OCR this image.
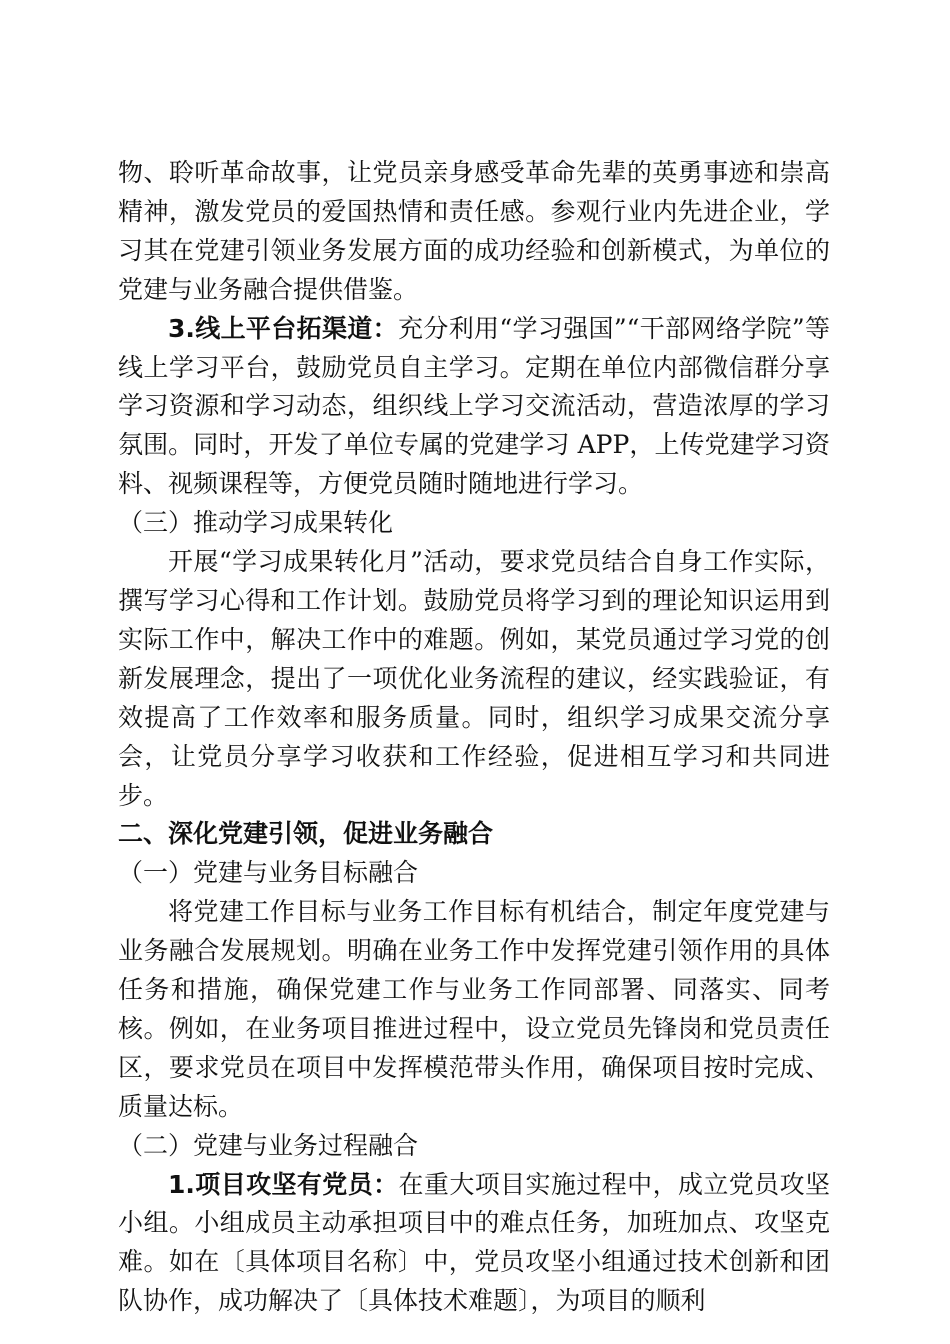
物、聆听革命故事，让党员亲身感受革命先辈的英勇事迹和崇高精神，激发党员的爱国热情和责任感。参观行业内先进企业，学习其在党建引领业务发展方面的成功经验和创新模式，为单位的党建与业务融合提供借鉴。

3.线上平台拓渠道：充分利用“学习强国”“干部网络学院”等线上学习平台，鼓励党员自主学习。定期在单位内部微信群分享学习资源和学习动态，组织线上学习交流活动，营造浓厚的学习氛围。同时，开发了单位专属的党建学习 APP，上传党建学习资料、视频课程等，方便党员随时随地进行学习。

（三）推动学习成果转化

开展“学习成果转化月”活动，要求党员结合自身工作实际，撰写学习心得和工作计划。鼓励党员将学习到的理论知识运用到实际工作中，解决工作中的难题。例如，某党员通过学习党的创新发展理念，提出了一项优化业务流程的建议，经实践验证，有效提高了工作效率和服务质量。同时，组织学习成果交流分享会，让党员分享学习收获和工作经验，促进相互学习和共同进步。

二、深化党建引领，促进业务融合

（一）党建与业务目标融合

将党建工作目标与业务工作目标有机结合，制定年度党建与业务融合发展规划。明确在业务工作中发挥党建引领作用的具体任务和措施，确保党建工作与业务工作同部署、同落实、同考核。例如，在业务项目推进过程中，设立党员先锋岗和党员责任区，要求党员在项目中发挥模范带头作用，确保项目按时完成、质量达标。

（二）党建与业务过程融合

1.项目攻坚有党员：在重大项目实施过程中，成立党员攻坚小组。小组成员主动承担项目中的难点任务，加班加点、攻坚克难。如在〔具体项目名称〕中，党员攻坚小组通过技术创新和团队协作，成功解决了〔具体技术难题〕，为项目的顺利
